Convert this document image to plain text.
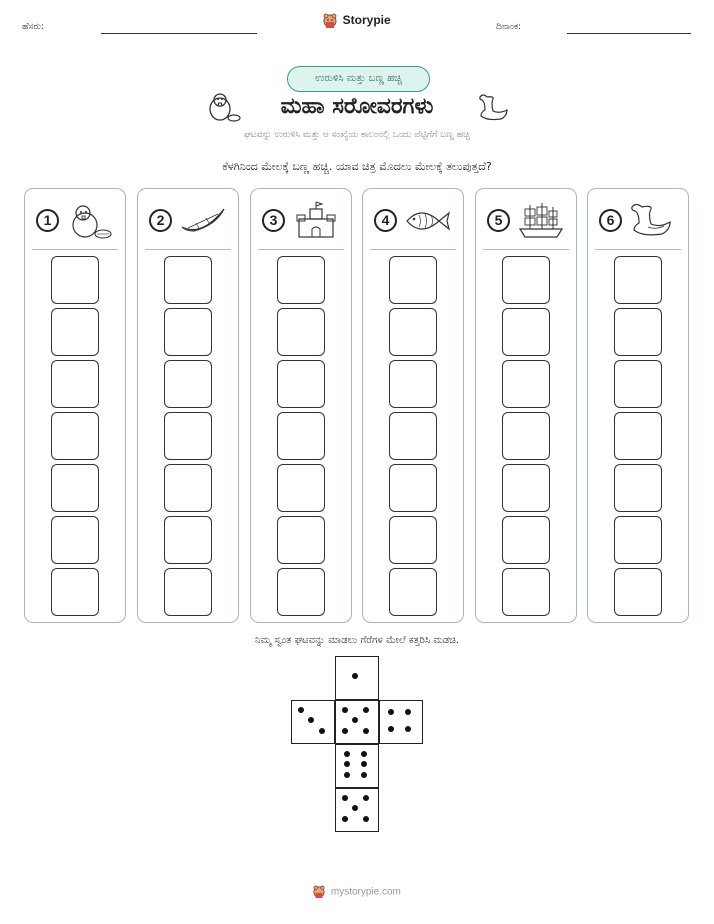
ಹೆಸರು:	Storypie	ದಿನಾಂಕ:
ಉರುಳಿಸಿ ಮತ್ತು ಬಣ್ಣ ಹಚ್ಚಿ
ಮಹಾ ಸರೋವರಗಳು
ಘಟವನ್ನು ಉರುಳಿಸಿ ಮತ್ತು ಆ ಸಂಖ್ಯೆಯ ಕಾಲಂನಲ್ಲಿ ಒಂದು ಪೆಟ್ಟಿಗೆಗೆ ಬಣ್ಣ ಹಚ್ಚಿ
ಕೆಳಗಿನಿಂದ ಮೇಲಕ್ಕೆ ಬಣ್ಣ ಹಚ್ಚಿ. ಯಾವ ಚಿತ್ರ ಮೊದಲು ಮೇಲಕ್ಕೆ ತಲುಪುತ್ತದೆ?
1	2	3	4	5	6
ನಿಮ್ಮ ಸ್ವಂತ ಘಟವನ್ನು ಮಾಡಲು ಗೆರೆಗಳ ಮೇಲೆ ಕತ್ತರಿಸಿ ಮಡಚಿ.
mystorypie.com
